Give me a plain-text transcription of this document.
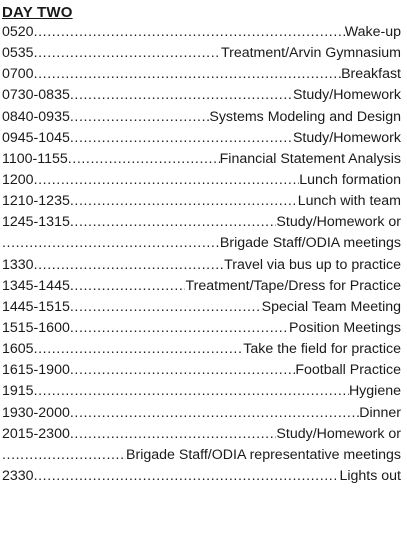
DAY TWO
0520 .....	Wake-up
0535 .....	Treatment/Arvin Gymnasium
0700 .....	Breakfast
0730-0835 .....	Study/Homework
0840-0935 .....	Systems Modeling and Design
0945-1045 .....	Study/Homework
1100-1155 .....	Financial Statement Analysis
1200 .....	Lunch formation
1210-1235 .....	Lunch with team
1245-1315 .....	Study/Homework or
.....
Brigade Staff/ODIA meetings
1330 .....	Travel via bus up to practice
1345-1445 .....	Treatment/Tape/Dress for Practice
1445-1515 .....	Special Team Meeting
1515-1600 .....	Position Meetings
1605 .....	Take the field for practice
1615-1900 .....	Football Practice
1915 .....	Hygiene
1930-2000 .....	Dinner
2015-2300 .....	Study/Homework or
.....
Brigade Staff/ODIA representative meetings
2330 .....	Lights out
